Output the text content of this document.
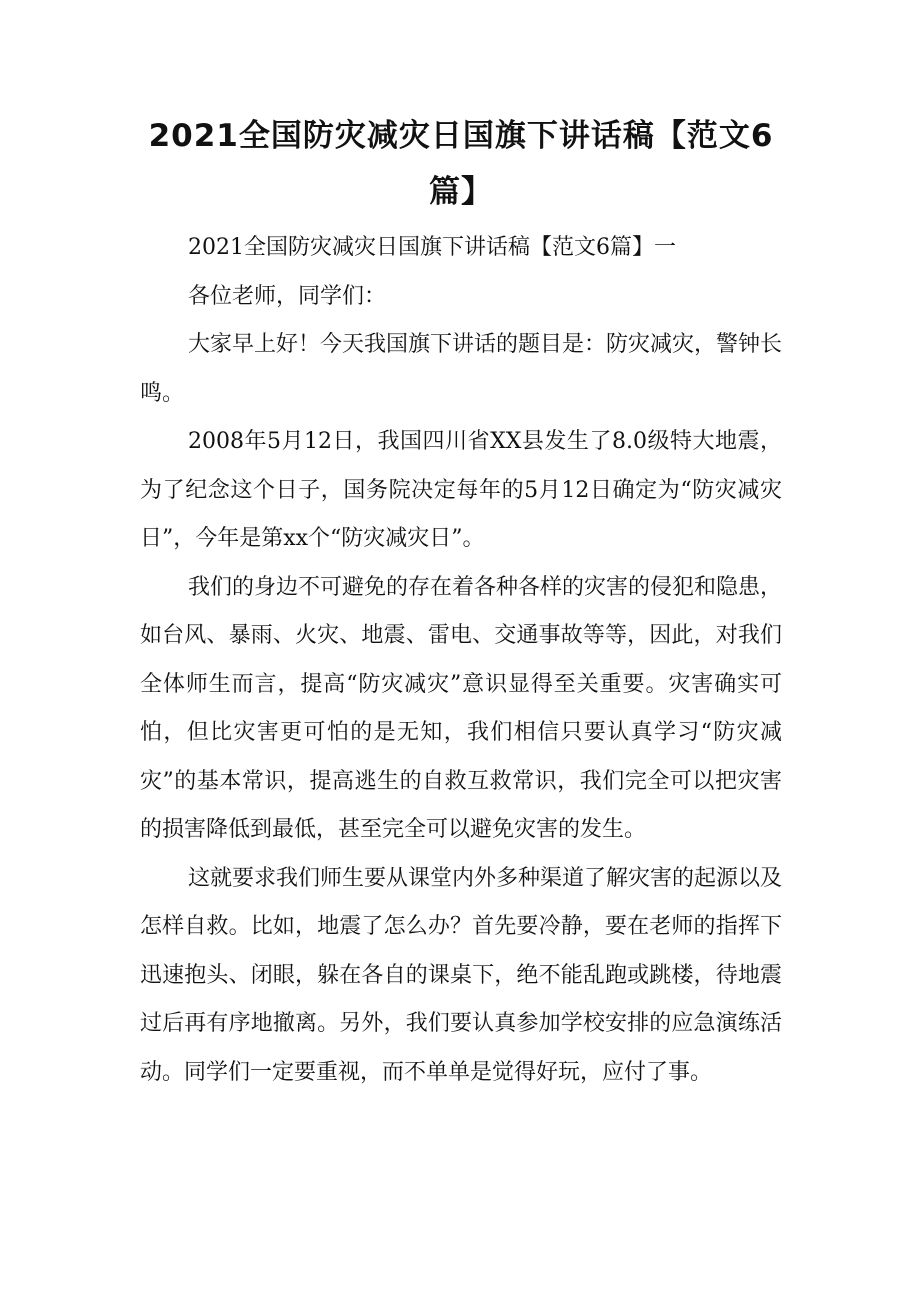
2021全国防灾减灾日国旗下讲话稿【范文6篇】

2021全国防灾减灾日国旗下讲话稿【范文6篇】一

各位老师，同学们：

大家早上好！今天我国旗下讲话的题目是：防灾减灾，警钟长鸣。

2008年5月12日，我国四川省XX县发生了8.0级特大地震，为了纪念这个日子，国务院决定每年的5月12日确定为“防灾减灾日”，今年是第xx个“防灾减灾日”。

我们的身边不可避免的存在着各种各样的灾害的侵犯和隐患，如台风、暴雨、火灾、地震、雷电、交通事故等等，因此，对我们全体师生而言，提高“防灾减灾”意识显得至关重要。灾害确实可怕，但比灾害更可怕的是无知，我们相信只要认真学习“防灾减灾”的基本常识，提高逃生的自救互救常识，我们完全可以把灾害的损害降低到最低，甚至完全可以避免灾害的发生。

这就要求我们师生要从课堂内外多种渠道了解灾害的起源以及怎样自救。比如，地震了怎么办？首先要冷静，要在老师的指挥下迅速抱头、闭眼，躲在各自的课桌下，绝不能乱跑或跳楼，待地震过后再有序地撤离。另外，我们要认真参加学校安排的应急演练活动。同学们一定要重视，而不单单是觉得好玩，应付了事。
